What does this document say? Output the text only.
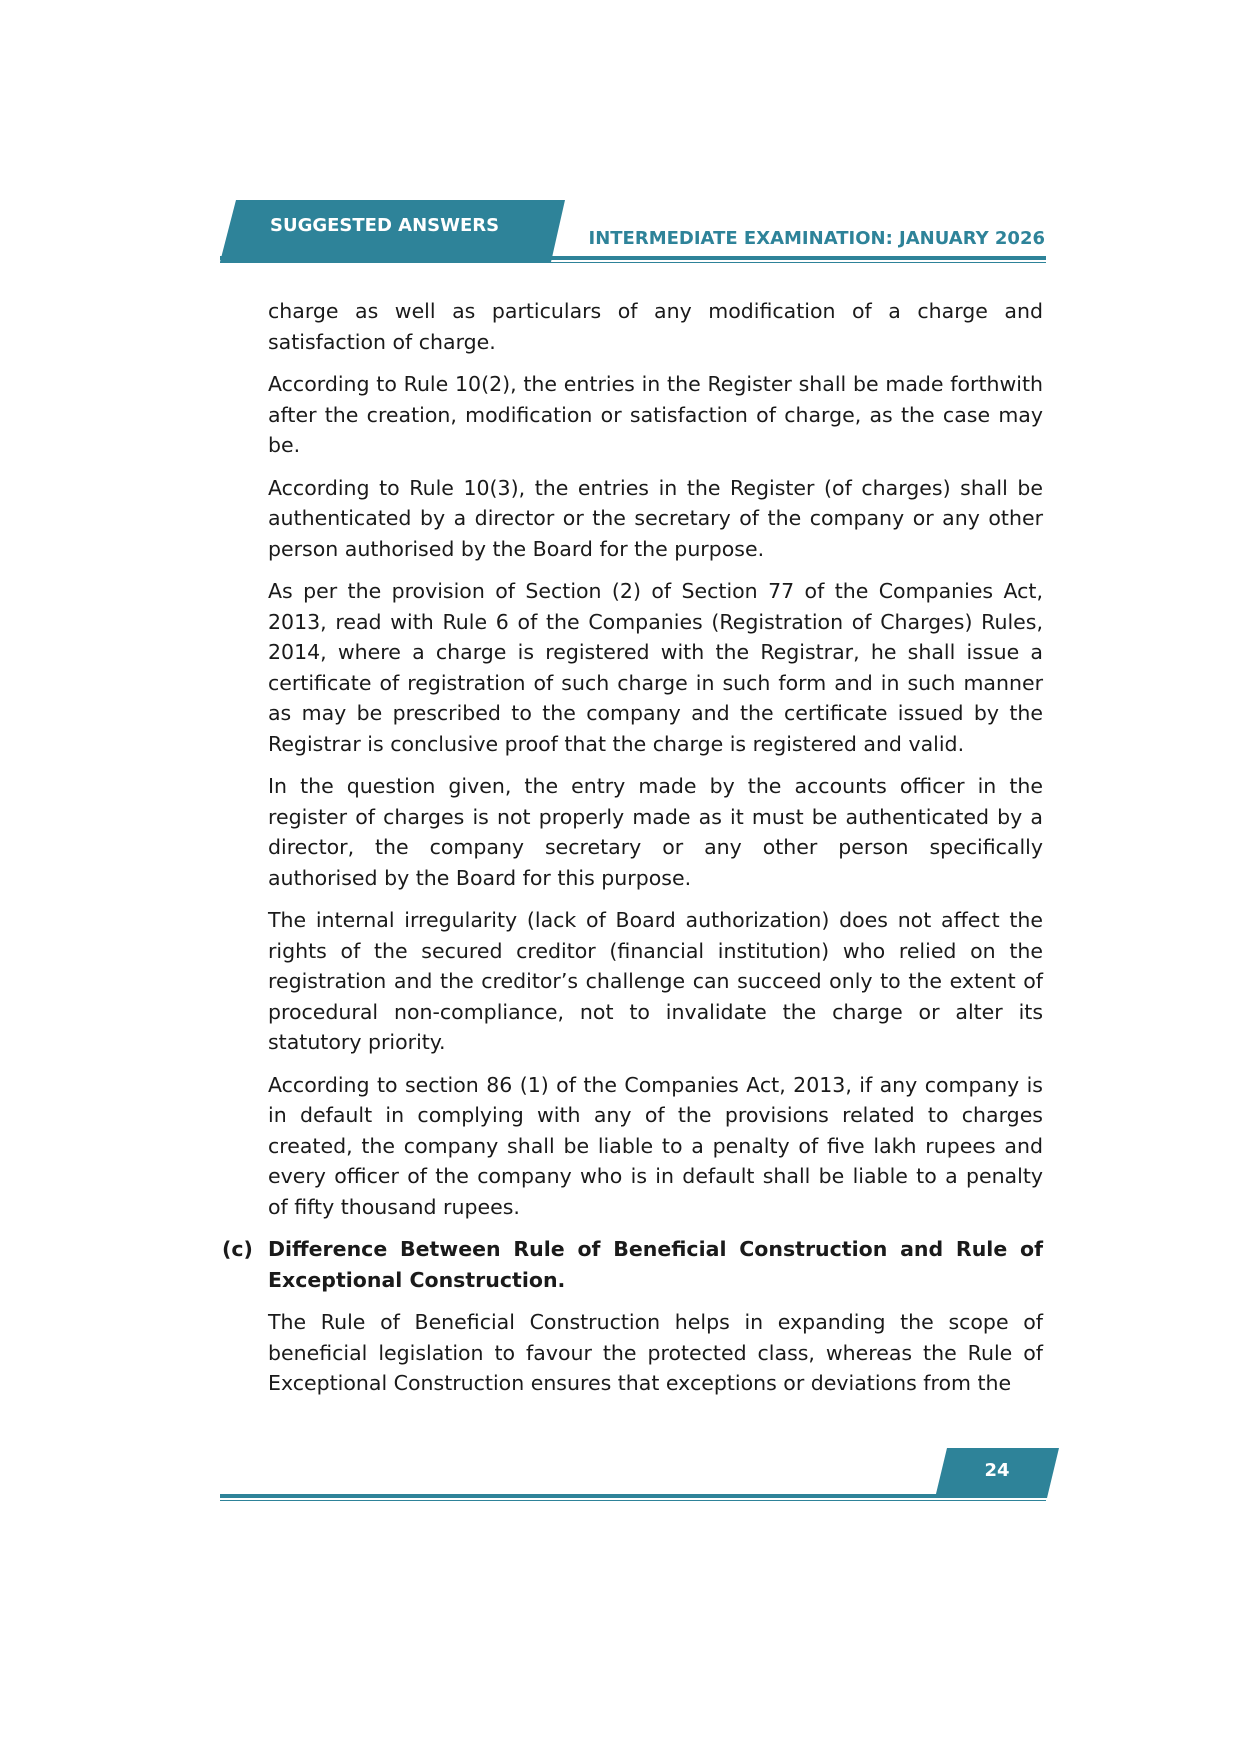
SUGGESTED ANSWERS
INTERMEDIATE EXAMINATION: JANUARY 2026

charge as well as particulars of any modification of a charge and satisfaction of charge.

According to Rule 10(2), the entries in the Register shall be made forthwith after the creation, modification or satisfaction of charge, as the case may be.

According to Rule 10(3), the entries in the Register (of charges) shall be authenticated by a director or the secretary of the company or any other person authorised by the Board for the purpose.

As per the provision of Section (2) of Section 77 of the Companies Act, 2013, read with Rule 6 of the Companies (Registration of Charges) Rules, 2014, where a charge is registered with the Registrar, he shall issue a certificate of registration of such charge in such form and in such manner as may be prescribed to the company and the certificate issued by the Registrar is conclusive proof that the charge is registered and valid.

In the question given, the entry made by the accounts officer in the register of charges is not properly made as it must be authenticated by a director, the company secretary or any other person specifically authorised by the Board for this purpose.

The internal irregularity (lack of Board authorization) does not affect the rights of the secured creditor (financial institution) who relied on the registration and the creditor’s challenge can succeed only to the extent of procedural non-compliance, not to invalidate the charge or alter its statutory priority.

According to section 86 (1) of the Companies Act, 2013, if any company is in default in complying with any of the provisions related to charges created, the company shall be liable to a penalty of five lakh rupees and every officer of the company who is in default shall be liable to a penalty of fifty thousand rupees.

(c) Difference Between Rule of Beneficial Construction and Rule of Exceptional Construction.

The Rule of Beneficial Construction helps in expanding the scope of beneficial legislation to favour the protected class, whereas the Rule of Exceptional Construction ensures that exceptions or deviations from the

24
